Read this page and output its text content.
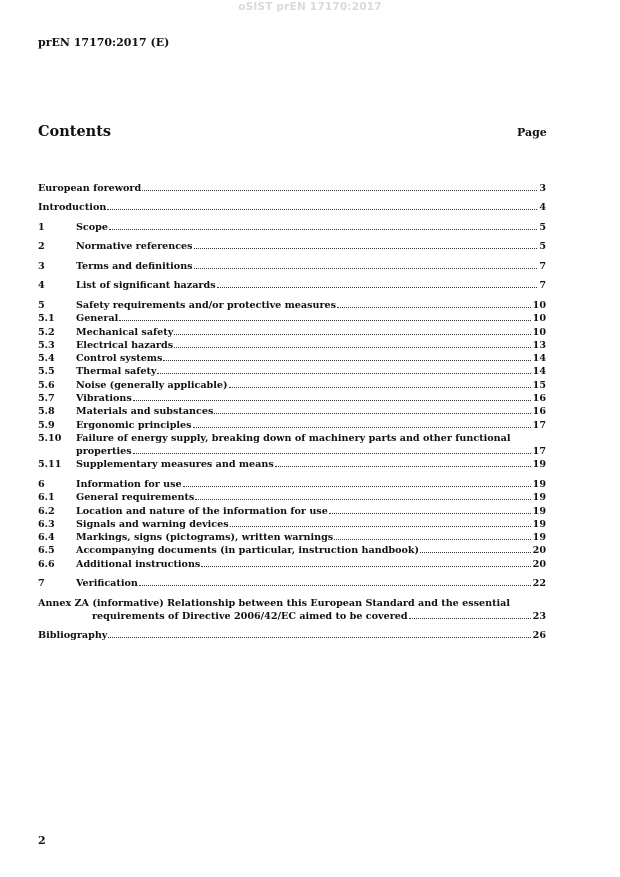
oSIST prEN 17170:2017
prEN 17170:2017 (E)
Contents	Page
European foreword	3
Introduction	4
1	Scope	5
2	Normative references	5
3	Terms and definitions	7
4	List of significant hazards	7
5	Safety requirements and/or protective measures	10
5.1	General	10
5.2	Mechanical safety	10
5.3	Electrical hazards	13
5.4	Control systems	14
5.5	Thermal safety	14
5.6	Noise (generally applicable)	15
5.7	Vibrations	16
5.8	Materials and substances	16
5.9	Ergonomic principles	17
5.10	Failure of energy supply, breaking down of machinery parts and other functional
properties	17
5.11	Supplementary measures and means	19
6	Information for use	19
6.1	General requirements	19
6.2	Location and nature of the information for use	19
6.3	Signals and warning devices	19
6.4	Markings, signs (pictograms), written warnings	19
6.5	Accompanying documents (in particular, instruction handbook)	20
6.6	Additional instructions	20
7	Verification	22
Annex ZA (informative) Relationship between this European Standard and the essential
requirements of Directive 2006/42/EC aimed to be covered	23
Bibliography	26
2
